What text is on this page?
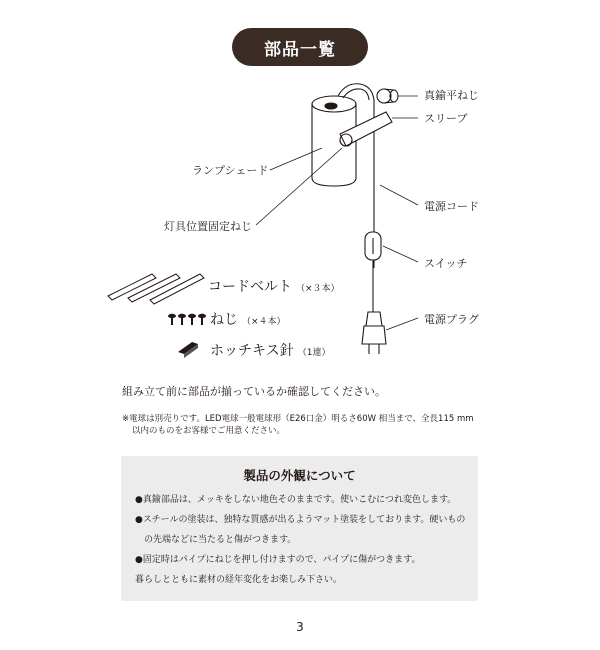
部品一覧
真鍮平ねじ
スリーブ
ランプシェード
灯具位置固定ねじ
電源コード
スイッチ
電源プラグ
コードベルト （×３本）
ねじ （×４本）
ホッチキス針 （1連）
組み立て前に部品が揃っているか確認してください。

※電球は別売りです。LED電球一般電球形（E26口金）明るさ60W 相当まで、全長115 mm

以内のものをお客様でご用意ください。

製品の外観について
●真鍮部品は、メッキをしない地色そのままです。使いこむにつれ変色します。
●スチールの塗装は、独特な質感が出るようマット塗装をしております。硬いもの
　の先端などに当たると傷がつきます。
●固定時はパイプにねじを押し付けますので、パイプに傷がつきます。
暮らしとともに素材の経年変化をお楽しみ下さい。
3
